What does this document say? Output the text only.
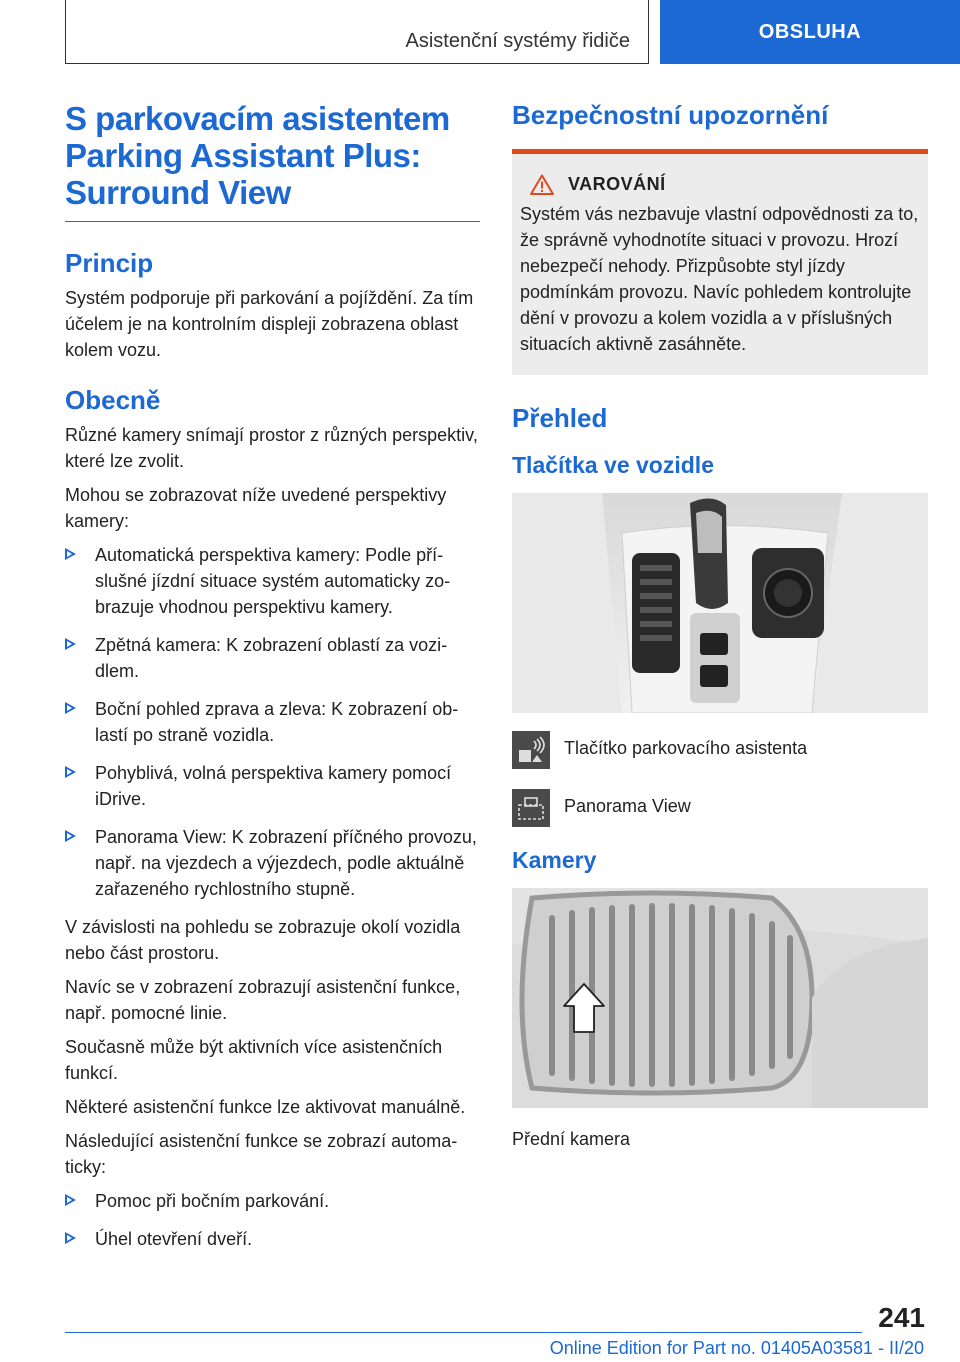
Asistenční systémy řidiče	OBSLUHA
S parkovacím asistentem
Parking Assistant Plus:
Surround View
Princip

Systém podporuje při parkování a pojíždění. Za tím účelem je na kontrolním displeji zobrazena oblast kolem vozu.

Obecně

Různé kamery snímají prostor z různých perspektiv, které lze zvolit.

Mohou se zobrazovat níže uvedené perspektivy kamery:

Automatická perspektiva kamery: Podle příslušné jízdní situace systém automaticky zobrazuje vhodnou perspektivu kamery.
Zpětná kamera: K zobrazení oblastí za vozidlem.
Boční pohled zprava a zleva: K zobrazení oblastí po straně vozidla.
Pohyblivá, volná perspektiva kamery pomocí iDrive.
Panorama View: K zobrazení příčného provozu, např. na vjezdech a výjezdech, podle aktuálně zařazeného rychlostního stupně.

V závislosti na pohledu se zobrazuje okolí vozidla nebo část prostoru.

Navíc se v zobrazení zobrazují asistenční funkce, např. pomocné linie.

Současně může být aktivních více asistenčních funkcí.

Některé asistenční funkce lze aktivovat manuálně.

Následující asistenční funkce se zobrazí automaticky:

Pomoc při bočním parkování.
Úhel otevření dveří.
Bezpečnostní upozornění
VAROVÁNÍ

Systém vás nezbavuje vlastní odpovědnosti za to, že správně vyhodnotíte situaci v provozu. Hrozí nebezpečí nehody. Přizpůsobte styl jízdy podmínkám provozu. Navíc pohledem kontrolujte dění v provozu a kolem vozidla a v příslušných situacích aktivně zasáhněte.

Přehled
Tlačítka ve vozidle

Tlačítko parkovacího asistenta

Panorama View

Kamery

Přední kamera

241
Online Edition for Part no. 01405A03581 - II/20
